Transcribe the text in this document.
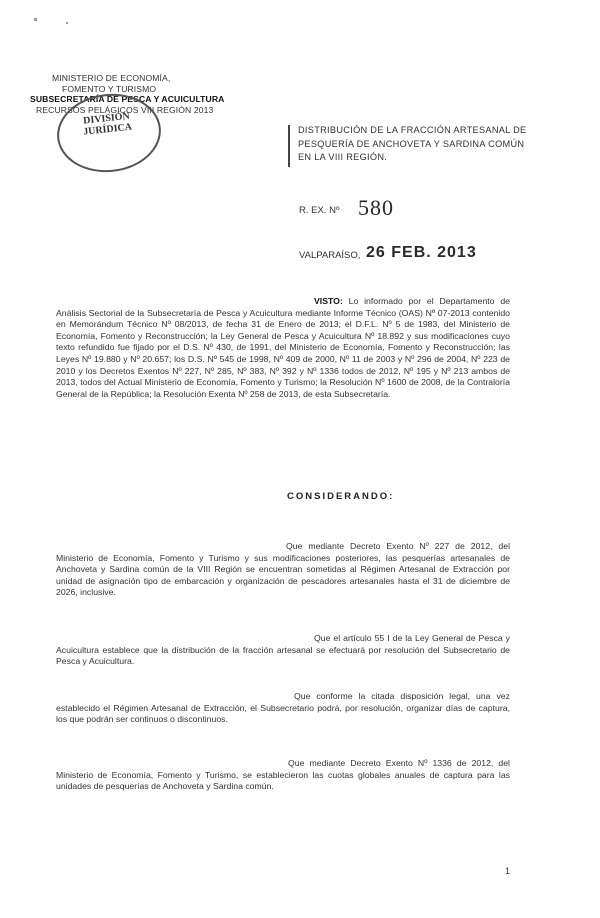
MINISTERIO DE ECONOMÍA,
FOMENTO Y TURISMO
SUBSECRETARÍA DE PESCA Y ACUICULTURA
RECURSOS PELÁGICOS VIII REGIÓN 2013
DIVISIÓN JURÍDICA	DISTRIBUCIÓN DE LA FRACCIÓN ARTESANAL DE PESQUERÍA DE ANCHOVETA Y SARDINA COMÚN EN LA VIII REGIÓN.
R. EX. Nº 580
VALPARAÍSO, 26 FEB. 2013
VISTO: Lo informado por el Departamento de Análisis Sectorial de la Subsecretaría de Pesca y Acuicultura mediante Informe Técnico (OAS) Nº 07-2013 contenido en Memorándum Técnico Nº 08/2013, de fecha 31 de Enero de 2013; el D.F.L. Nº 5 de 1983, del Ministerio de Economía, Fomento y Reconstrucción; la Ley General de Pesca y Acuicultura Nº 18.892 y sus modificaciones cuyo texto refundido fue fijado por el D.S. Nº 430, de 1991, del Ministerio de Economía, Fomento y Reconstrucción; las Leyes Nº 19.880 y Nº 20.657; los D.S. Nº 545 de 1998, Nº 409 de 2000, Nº 11 de 2003 y Nº 296 de 2004, Nº 223 de 2010 y los Decretos Exentos Nº 227, Nº 285, Nº 383, Nº 392 y Nº 1336 todos de 2012, Nº 195 y Nº 213 ambos de 2013, todos del Actual Ministerio de Economía, Fomento y Turismo; la Resolución Nº 1600 de 2008, de la Contraloría General de la República; la Resolución Exenta Nº 258 de 2013, de esta Subsecretaría.
CONSIDERANDO:
Que mediante Decreto Exento Nº 227 de 2012, del Ministerio de Economía, Fomento y Turismo y sus modificaciones posteriores, las pesquerías artesanales de Anchoveta y Sardina común de la VIII Región se encuentran sometidas al Régimen Artesanal de Extracción por unidad de asignación tipo de embarcación y organización de pescadores artesanales hasta el 31 de diciembre de 2026, inclusive.
Que el artículo 55 I de la Ley General de Pesca y Acuicultura establece que la distribución de la fracción artesanal se efectuará por resolución del Subsecretario de Pesca y Acuicultura.
Que conforme la citada disposición legal, una vez establecido el Régimen Artesanal de Extracción, el Subsecretario podrá, por resolución, organizar días de captura, los que podrán ser continuos o discontinuos.
Que mediante Decreto Exento Nº 1336 de 2012, del Ministerio de Economía, Fomento y Turismo, se establecieron las cuotas globales anuales de captura para las unidades de pesquerías de Anchoveta y Sardina común.
1
